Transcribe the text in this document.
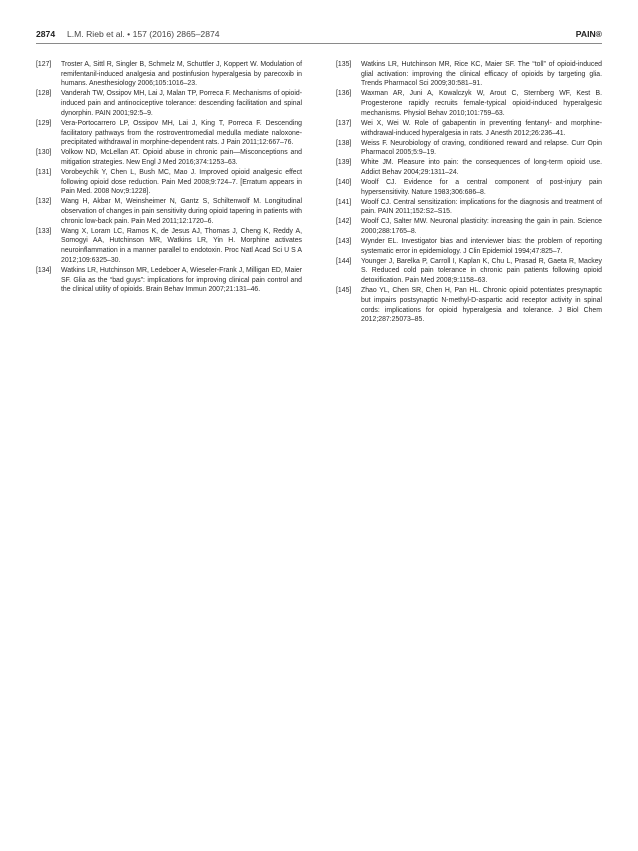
2874 L.M. Rieb et al. • 157 (2016) 2865–2874	PAIN®
[127] Troster A, Sittl R, Singler B, Schmelz M, Schuttler J, Koppert W. Modulation of remifentanil-induced analgesia and postinfusion hyperalgesia by parecoxib in humans. Anesthesiology 2006;105:1016–23.
[128] Vanderah TW, Ossipov MH, Lai J, Malan TP, Porreca F. Mechanisms of opioid-induced pain and antinociceptive tolerance: descending facilitation and spinal dynorphin. PAIN 2001;92:5–9.
[129] Vera-Portocarrero LP, Ossipov MH, Lai J, King T, Porreca F. Descending facilitatory pathways from the rostroventromedial medulla mediate naloxone-precipitated withdrawal in morphine-dependent rats. J Pain 2011;12:667–76.
[130] Volkow ND, McLellan AT. Opioid abuse in chronic pain—Misconceptions and mitigation strategies. New Engl J Med 2016;374:1253–63.
[131] Vorobeychik Y, Chen L, Bush MC, Mao J. Improved opioid analgesic effect following opioid dose reduction. Pain Med 2008;9:724–7. [Erratum appears in Pain Med. 2008 Nov;9:1228].
[132] Wang H, Akbar M, Weinsheimer N, Gantz S, Schiltenwolf M. Longitudinal observation of changes in pain sensitivity during opioid tapering in patients with chronic low-back pain. Pain Med 2011;12:1720–6.
[133] Wang X, Loram LC, Ramos K, de Jesus AJ, Thomas J, Cheng K, Reddy A, Somogyi AA, Hutchinson MR, Watkins LR, Yin H. Morphine activates neuroinflammation in a manner parallel to endotoxin. Proc Natl Acad Sci U S A 2012;109:6325–30.
[134] Watkins LR, Hutchinson MR, Ledeboer A, Wieseler-Frank J, Milligan ED, Maier SF. Glia as the “bad guys”: implications for improving clinical pain control and the clinical utility of opioids. Brain Behav Immun 2007;21:131–46.
[135] Watkins LR, Hutchinson MR, Rice KC, Maier SF. The “toll” of opioid-induced glial activation: improving the clinical efficacy of opioids by targeting glia. Trends Pharmacol Sci 2009;30:581–91.
[136] Waxman AR, Juni A, Kowalczyk W, Arout C, Sternberg WF, Kest B. Progesterone rapidly recruits female-typical opioid-induced hyperalgesic mechanisms. Physiol Behav 2010;101:759–63.
[137] Wei X, Wei W. Role of gabapentin in preventing fentanyl- and morphine-withdrawal-induced hyperalgesia in rats. J Anesth 2012;26:236–41.
[138] Weiss F. Neurobiology of craving, conditioned reward and relapse. Curr Opin Pharmacol 2005;5:9–19.
[139] White JM. Pleasure into pain: the consequences of long-term opioid use. Addict Behav 2004;29:1311–24.
[140] Woolf CJ. Evidence for a central component of post-injury pain hypersensitivity. Nature 1983;306:686–8.
[141] Woolf CJ. Central sensitization: implications for the diagnosis and treatment of pain. PAIN 2011;152:S2–S15.
[142] Woolf CJ, Salter MW. Neuronal plasticity: increasing the gain in pain. Science 2000;288:1765–8.
[143] Wynder EL. Investigator bias and interviewer bias: the problem of reporting systematic error in epidemiology. J Clin Epidemiol 1994;47:825–7.
[144] Younger J, Barelka P, Carroll I, Kaplan K, Chu L, Prasad R, Gaeta R, Mackey S. Reduced cold pain tolerance in chronic pain patients following opioid detoxification. Pain Med 2008;9:1158–63.
[145] Zhao YL, Chen SR, Chen H, Pan HL. Chronic opioid potentiates presynaptic but impairs postsynaptic N-methyl-D-aspartic acid receptor activity in spinal cords: implications for opioid hyperalgesia and tolerance. J Biol Chem 2012;287:25073–85.
